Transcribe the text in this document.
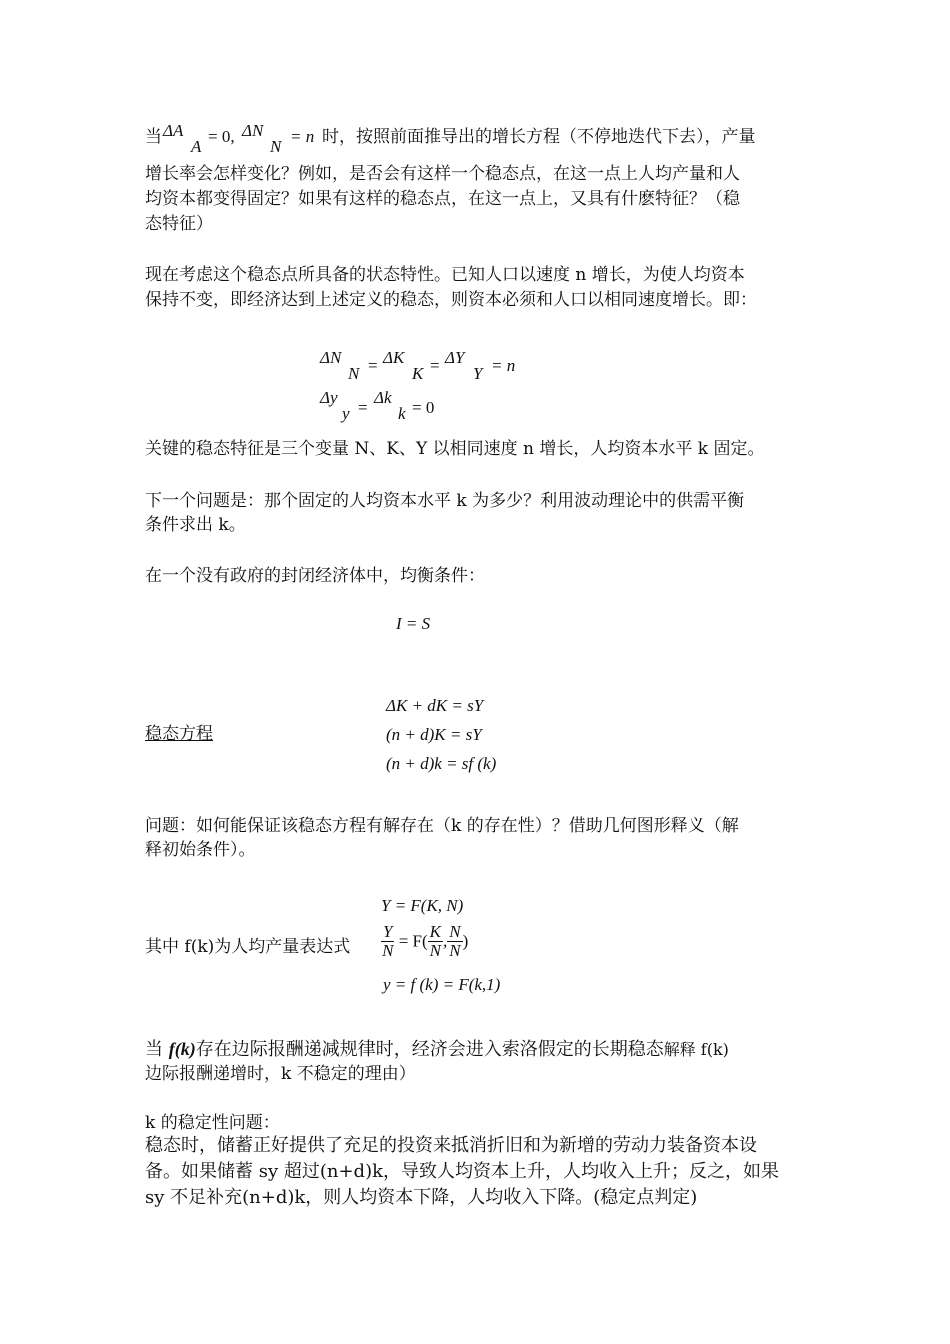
当 ΔA
A
= 0, ΔN
N
= n 时，按照前面推导出的增长方程（不停地迭代下去），产量
增长率会怎样变化？例如，是否会有这样一个稳态点，在这一点上人均产量和人
均资本都变得固定？如果有这样的稳态点，在这一点上，又具有什麽特征？（稳
态特征）
现在考虑这个稳态点所具备的状态特性。已知人口以速度 n 增长，为使人均资本
保持不变，即经济达到上述定义的稳态，则资本必须和人口以相同速度增长。即：
ΔN
N = ΔK
K = ΔY
Y = n
Δy
y =
Δk
k = 0
关键的稳态特征是三个变量 N、K、Y 以相同速度 n 增长，人均资本水平 k 固定。
下一个问题是：那个固定的人均资本水平 k 为多少？利用波动理论中的供需平衡
条件求出 k。
在一个没有政府的封闭经济体中，均衡条件：
I = S
稳态方程
ΔK + dK = sY
(n + d)K = sY
(n + d)k = sf (k)
问题：如何能保证该稳态方程有解存在（k 的存在性）？借助几何图形释义（解
释初始条件）。
其中 f(k)为人均产量表达式
Y = F(K, N)
$\frac{Y}{N} = F( \frac{K}{N}$ , $\frac{N}{N}$ )
y = f (k) = F(k,1)
当 f(k)存在边际报酬递减规律时，经济会进入索洛假定的长期稳态解释 f(k)
边际报酬递增时，k 不稳定的理由）
k 的稳定性问题：
稳态时，储蓄正好提供了充足的投资来抵消折旧和为新增的劳动力装备资本设
备。如果储蓄 sy 超过(n+d)k，导致人均资本上升，人均收入上升；反之，如果
sy 不足补充(n+d)k，则人均资本下降，人均收入下降。(稳定点判定)
